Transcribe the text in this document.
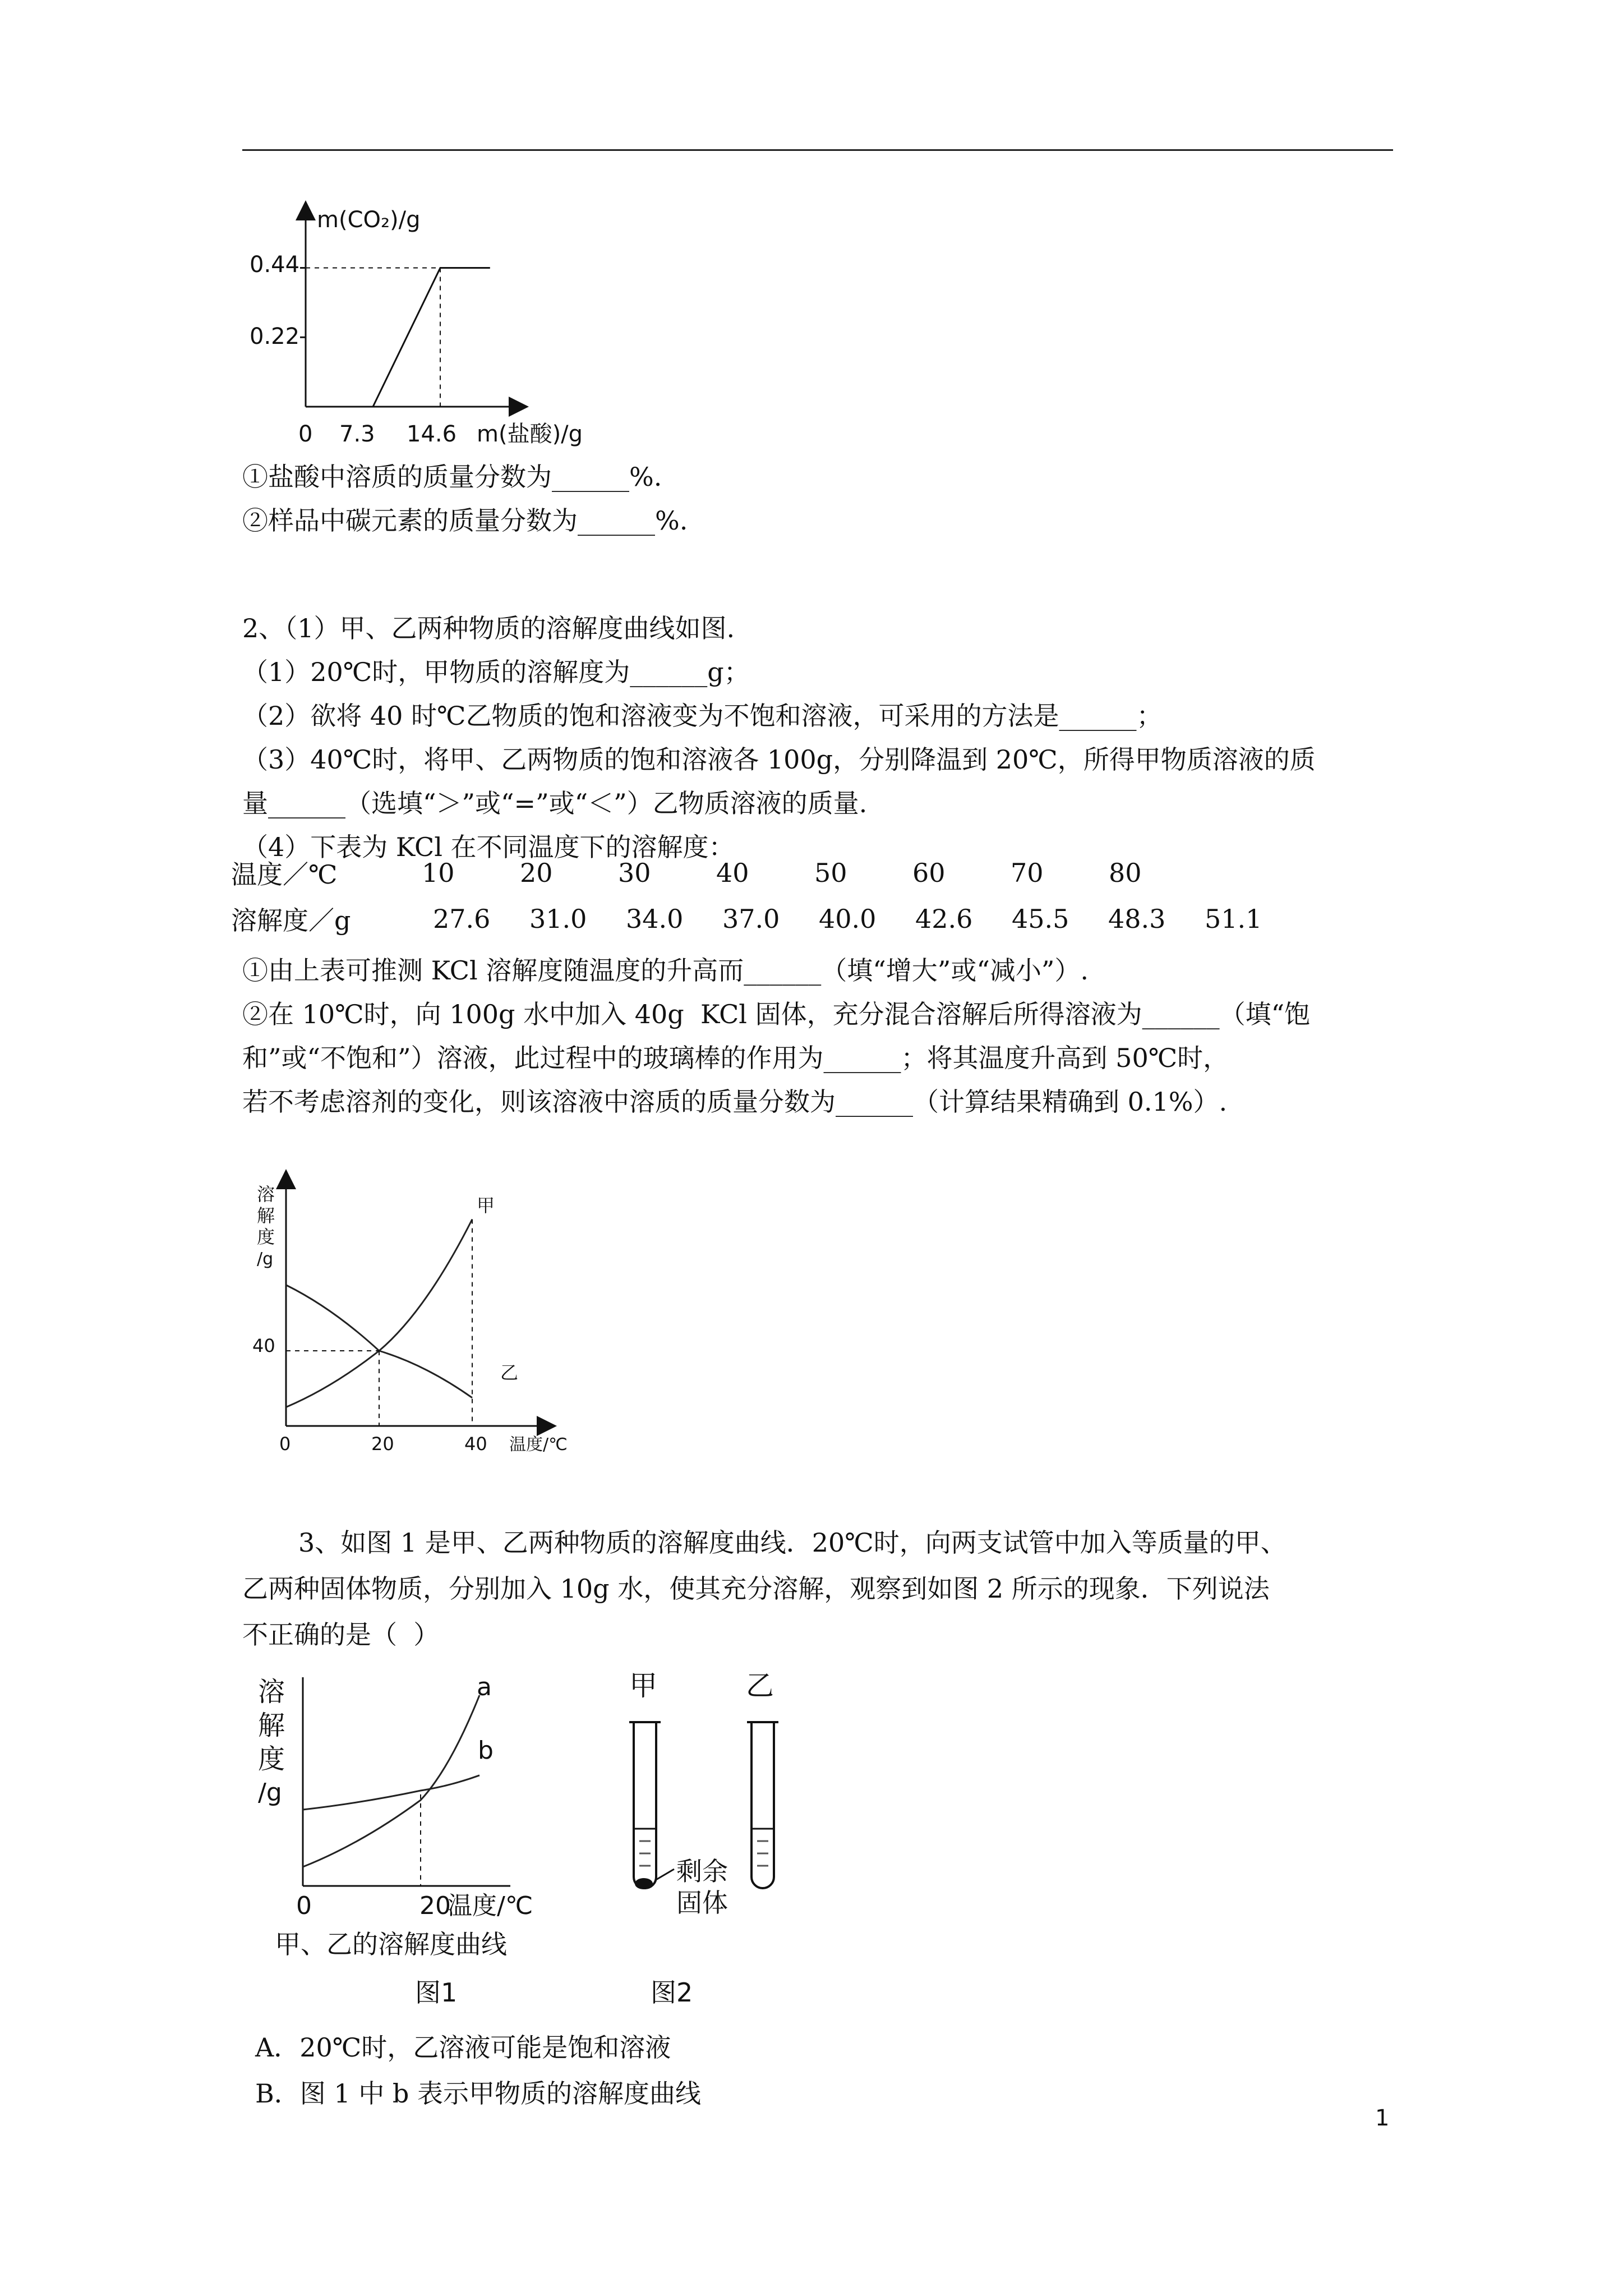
m(CO₂)/g
0.44
0.22
0 7.3 14.6 m(盐酸)/g
①盐酸中溶质的质量分数为______%.
②样品中碳元素的质量分数为______%.
2、（1）甲、乙两种物质的溶解度曲线如图.
（1）20℃时，甲物质的溶解度为______g；
（2）欲将 40 时℃乙物质的饱和溶液变为不饱和溶液，可采用的方法是______；
（3）40℃时，将甲、乙两物质的饱和溶液各 100g，分别降温到 20℃，所得甲物质溶液的质
量______（选填“＞”或“=”或“＜”）乙物质溶液的质量.
（4）下表为 KCl 在不同温度下的溶解度：
温度／℃		10	20	30	40	50	60	70	80
溶解度／g	27.6	31.0	34.0	37.0	40.0	42.6	45.5	48.3	51.1
①由上表可推测 KCl 溶解度随温度的升高而______（填“增大”或“减小”）.
②在 10℃时，向 100g 水中加入 40g  KCl 固体，充分混合溶解后所得溶液为______（填“饱
和”或“不饱和”）溶液，此过程中的玻璃棒的作用为______；将其温度升高到 50℃时，
若不考虑溶剂的变化，则该溶液中溶质的质量分数为______（计算结果精确到 0.1%）.
溶
解
度
/g
40
0	20	40 温度/℃
甲
乙
3、如图 1 是甲、乙两种物质的溶解度曲线．20℃时，向两支试管中加入等质量的甲、
乙两种固体物质，分别加入 10g 水，使其充分溶解，观察到如图 2 所示的现象．下列说法
不正确的是（  ）
溶
解
度
/g
0	20
温度/℃
a
b
甲、乙的溶解度曲线
图1
甲	乙
剩余
固体
图2
A．20℃时，乙溶液可能是饱和溶液
B．图 1 中 b 表示甲物质的溶解度曲线
1
